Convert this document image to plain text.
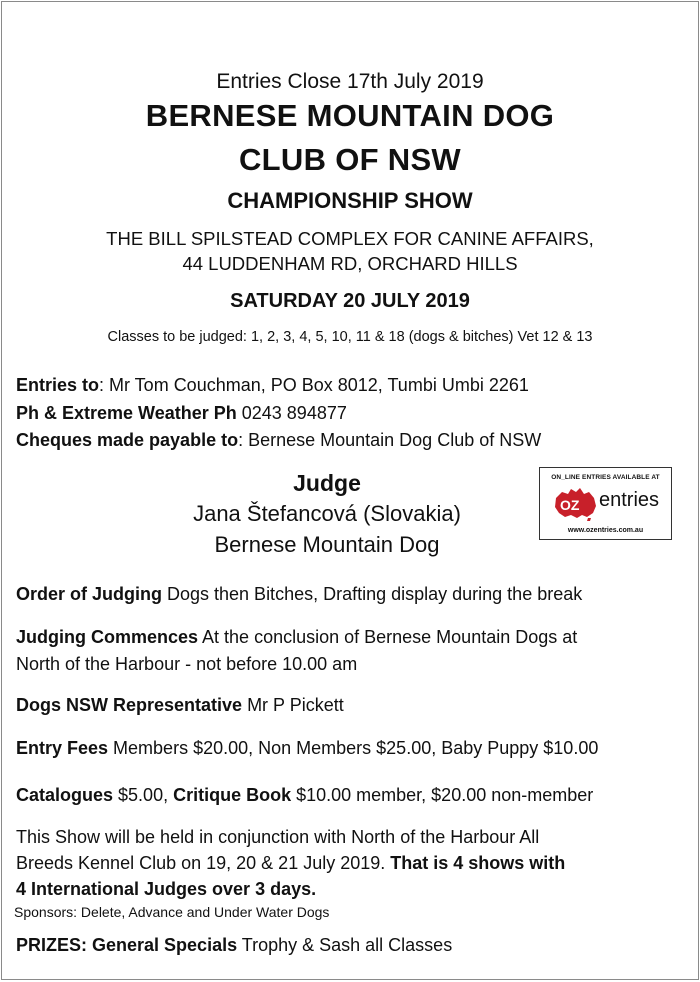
Entries Close 17th July 2019
BERNESE MOUNTAIN DOG
CLUB OF NSW
CHAMPIONSHIP SHOW
THE BILL SPILSTEAD COMPLEX FOR CANINE AFFAIRS,
44 LUDDENHAM RD, ORCHARD HILLS
SATURDAY 20 JULY 2019
Classes to be judged: 1, 2, 3, 4, 5, 10, 11 & 18 (dogs & bitches) Vet 12 & 13
Entries to: Mr Tom Couchman, PO Box 8012, Tumbi Umbi 2261
Ph & Extreme Weather Ph 0243 894877
Cheques made payable to: Bernese Mountain Dog Club of NSW
Judge
Jana Štefancová (Slovakia)
Bernese Mountain Dog
ON_LINE ENTRIES AVAILABLE AT
OZ entries
www.ozentries.com.au
Order of Judging Dogs then Bitches, Drafting display during the break
Judging Commences At the conclusion of Bernese Mountain Dogs at
North of the Harbour - not before 10.00 am
Dogs NSW Representative Mr P Pickett
Entry Fees Members $20.00, Non Members $25.00, Baby Puppy $10.00
Catalogues $5.00, Critique Book $10.00 member, $20.00 non-member
This Show will be held in conjunction with North of the Harbour All
Breeds Kennel Club on 19, 20 & 21 July 2019. That is 4 shows with
4 International Judges over 3 days.
Sponsors: Delete, Advance and Under Water Dogs
PRIZES: General Specials Trophy & Sash all Classes
